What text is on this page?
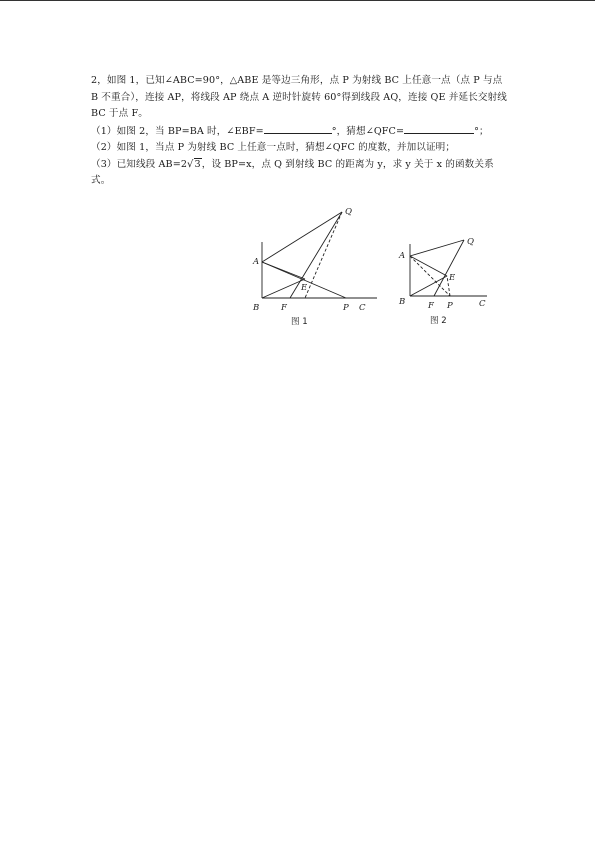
2，如图 1，已知∠ABC=90°，△ABE 是等边三角形，点 P 为射线 BC 上任意一点（点 P 与点 B 不重合），连接 AP，将线段 AP 绕点 A 逆时针旋转 60°得到线段 AQ，连接 QE 并延长交射线 BC 于点 F。

（1）如图 2，当 BP=BA 时，∠EBF=	°，猜想∠QFC=	°；

（2）如图 1，当点 P 为射线 BC 上任意一点时，猜想∠QFC 的度数，并加以证明；

（3）已知线段 AB=2√3，设 BP=x，点 Q 到射线 BC 的距离为 y，求 y 关于 x 的函数关系式。

A
B	C
E
F	P
Q
图 1
A
B	C
E
F P
Q
图 2
